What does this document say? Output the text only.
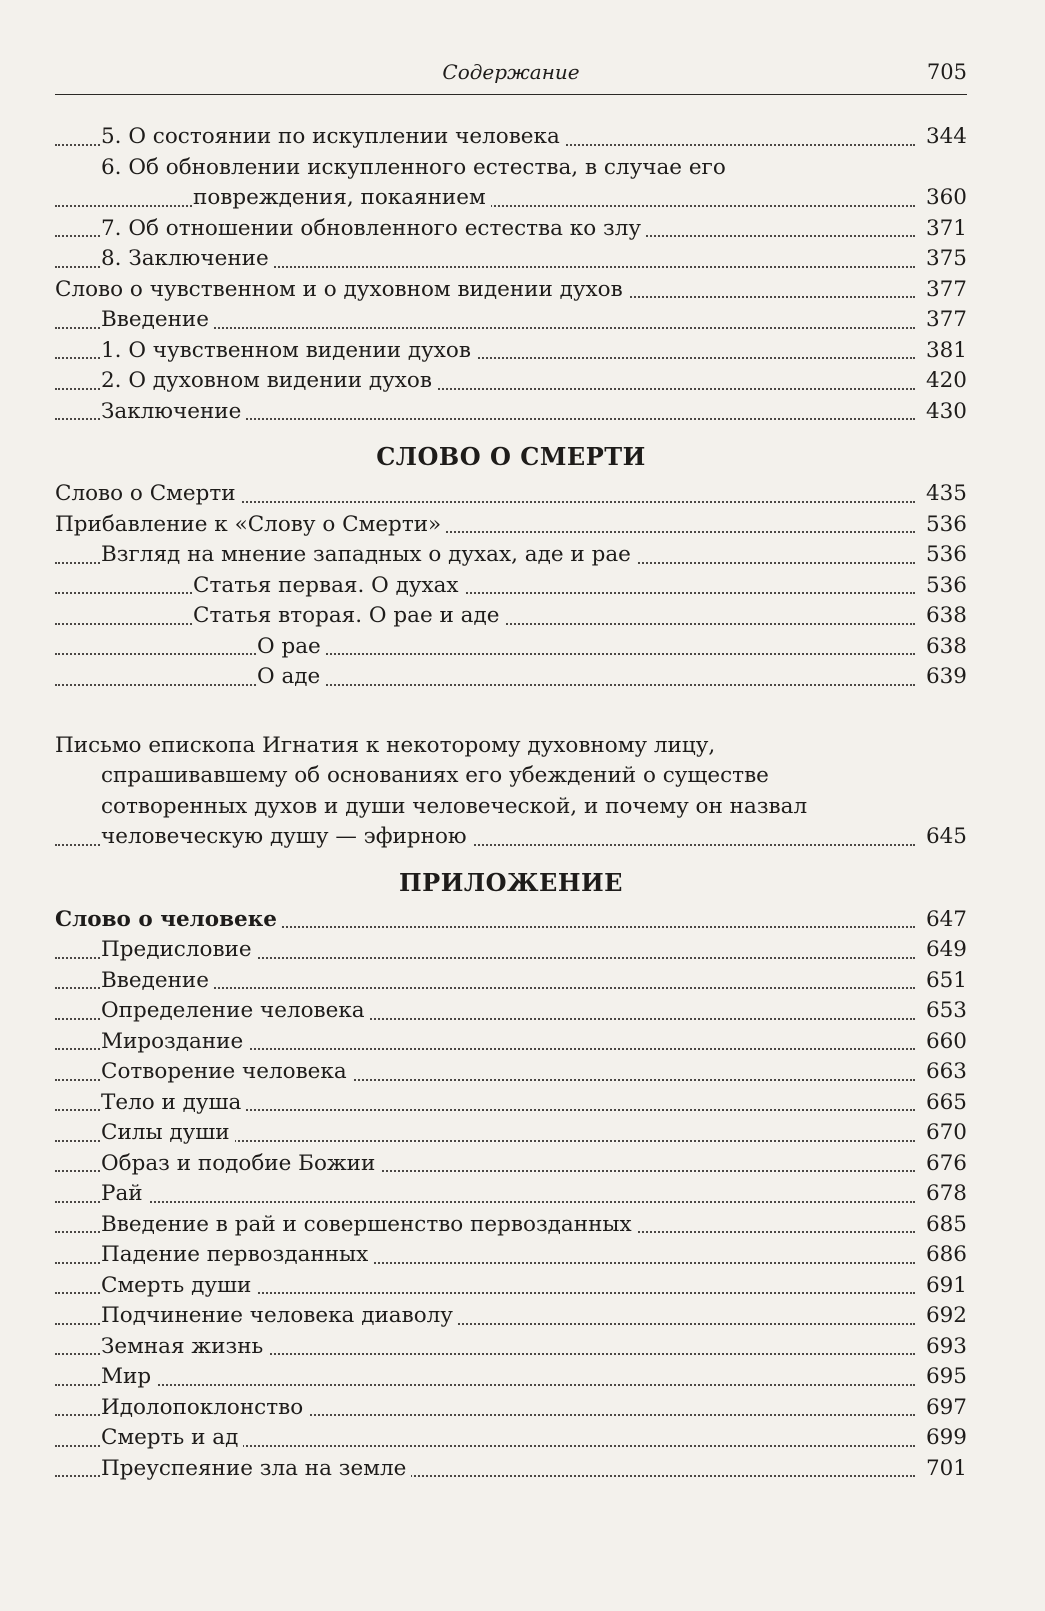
Содержание	705
5. О состоянии по искуплении человека	344
6. Об обновлении искупленного естества, в случае его
повреждения, покаянием	360
7. Об отношении обновленного естества ко злу	371
8. Заключение	375
Слово о чувственном и о духовном видении духов	377
Введение	377
1. О чувственном видении духов	381
2. О духовном видении духов	420
Заключение	430
СЛОВО О СМЕРТИ
Слово о Смерти	435
Прибавление к «Слову о Смерти»	536
Взгляд на мнение западных о духах, аде и рае	536
Статья первая. О духах	536
Статья вторая. О рае и аде	638
О рае	638
О аде	639
Письмо епископа Игнатия к некоторому духовному лицу,
спрашивавшему об основаниях его убеждений о существе
сотворенных духов и души человеческой, и почему он назвал
человеческую душу — эфирною	645
ПРИЛОЖЕНИЕ
Слово о человеке	647
Предисловие	649
Введение	651
Определение человека	653
Мироздание	660
Сотворение человека	663
Тело и душа	665
Силы души	670
Образ и подобие Божии	676
Рай	678
Введение в рай и совершенство первозданных	685
Падение первозданных	686
Смерть души	691
Подчинение человека диаволу	692
Земная жизнь	693
Мир	695
Идолопоклонство	697
Смерть и ад	699
Преуспеяние зла на земле	701
